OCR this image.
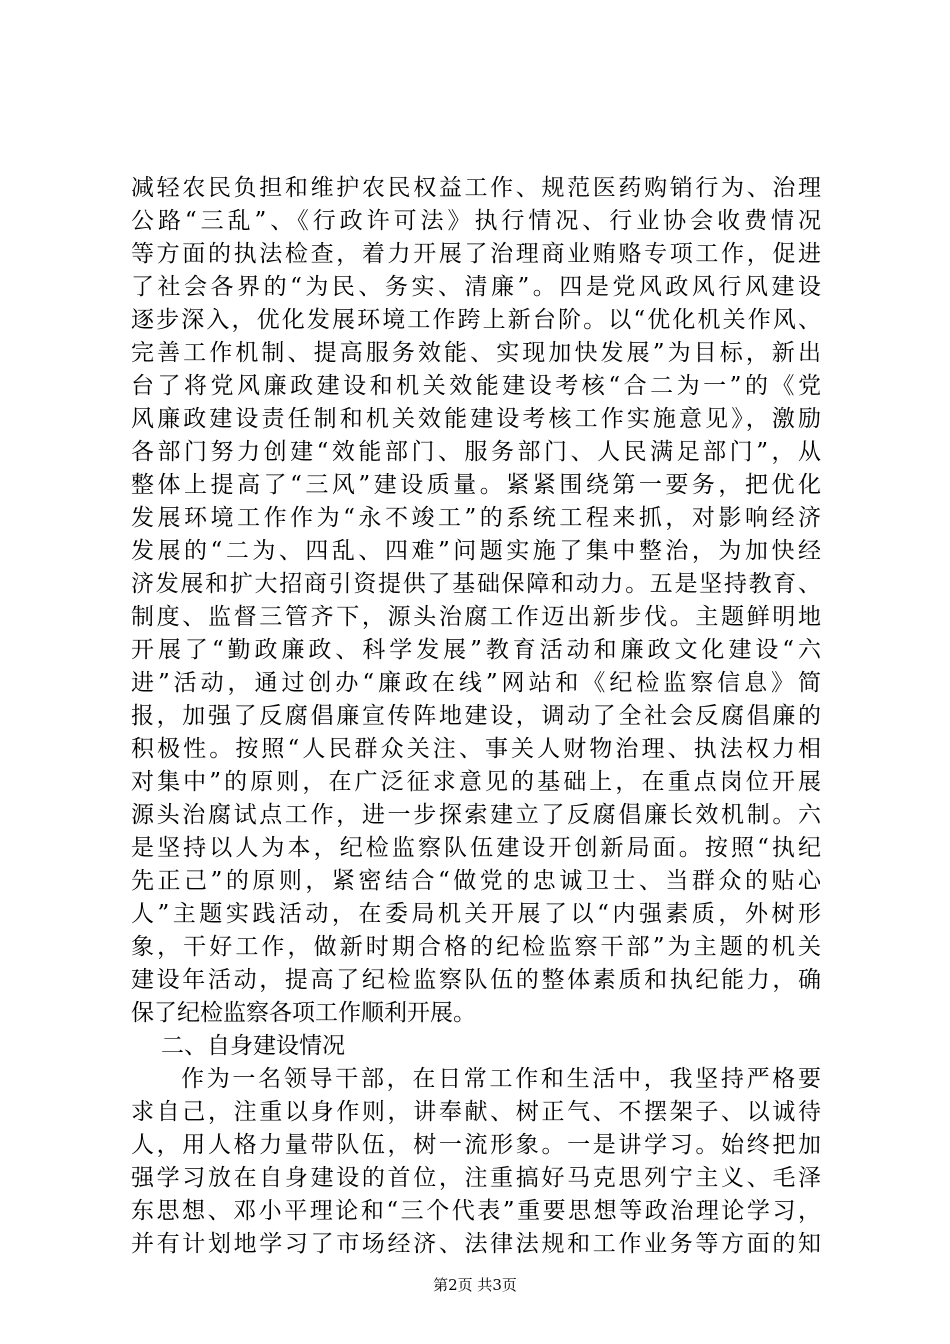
减轻农民负担和维护农民权益工作、规范医药购销行为、治理
公路“三乱”、《行政许可法》执行情况、行业协会收费情况
等方面的执法检查，着力开展了治理商业贿赂专项工作，促进
了社会各界的“为民、务实、清廉”。四是党风政风行风建设
逐步深入，优化发展环境工作跨上新台阶。以“优化机关作风、
完善工作机制、提高服务效能、实现加快发展”为目标，新出
台了将党风廉政建设和机关效能建设考核“合二为一”的《党
风廉政建设责任制和机关效能建设考核工作实施意见》，激励
各部门努力创建“效能部门、服务部门、人民满足部门”，从
整体上提高了“三风”建设质量。紧紧围绕第一要务，把优化
发展环境工作作为“永不竣工”的系统工程来抓，对影响经济
发展的“二为、四乱、四难”问题实施了集中整治，为加快经
济发展和扩大招商引资提供了基础保障和动力。五是坚持教育、
制度、监督三管齐下，源头治腐工作迈出新步伐。主题鲜明地
开展了“勤政廉政、科学发展”教育活动和廉政文化建设“六
进”活动，通过创办“廉政在线”网站和《纪检监察信息》简
报，加强了反腐倡廉宣传阵地建设，调动了全社会反腐倡廉的
积极性。按照“人民群众关注、事关人财物治理、执法权力相
对集中”的原则，在广泛征求意见的基础上，在重点岗位开展
源头治腐试点工作，进一步探索建立了反腐倡廉长效机制。六
是坚持以人为本，纪检监察队伍建设开创新局面。按照“执纪
先正己”的原则，紧密结合“做党的忠诚卫士、当群众的贴心
人”主题实践活动，在委局机关开展了以“内强素质，外树形
象，干好工作，做新时期合格的纪检监察干部”为主题的机关
建设年活动，提高了纪检监察队伍的整体素质和执纪能力，确
保了纪检监察各项工作顺利开展。
二、自身建设情况
作为一名领导干部，在日常工作和生活中，我坚持严格要
求自己，注重以身作则，讲奉献、树正气、不摆架子、以诚待
人，用人格力量带队伍，树一流形象。一是讲学习。始终把加
强学习放在自身建设的首位，注重搞好马克思列宁主义、毛泽
东思想、邓小平理论和“三个代表”重要思想等政治理论学习，
并有计划地学习了市场经济、法律法规和工作业务等方面的知
第2页 共3页
